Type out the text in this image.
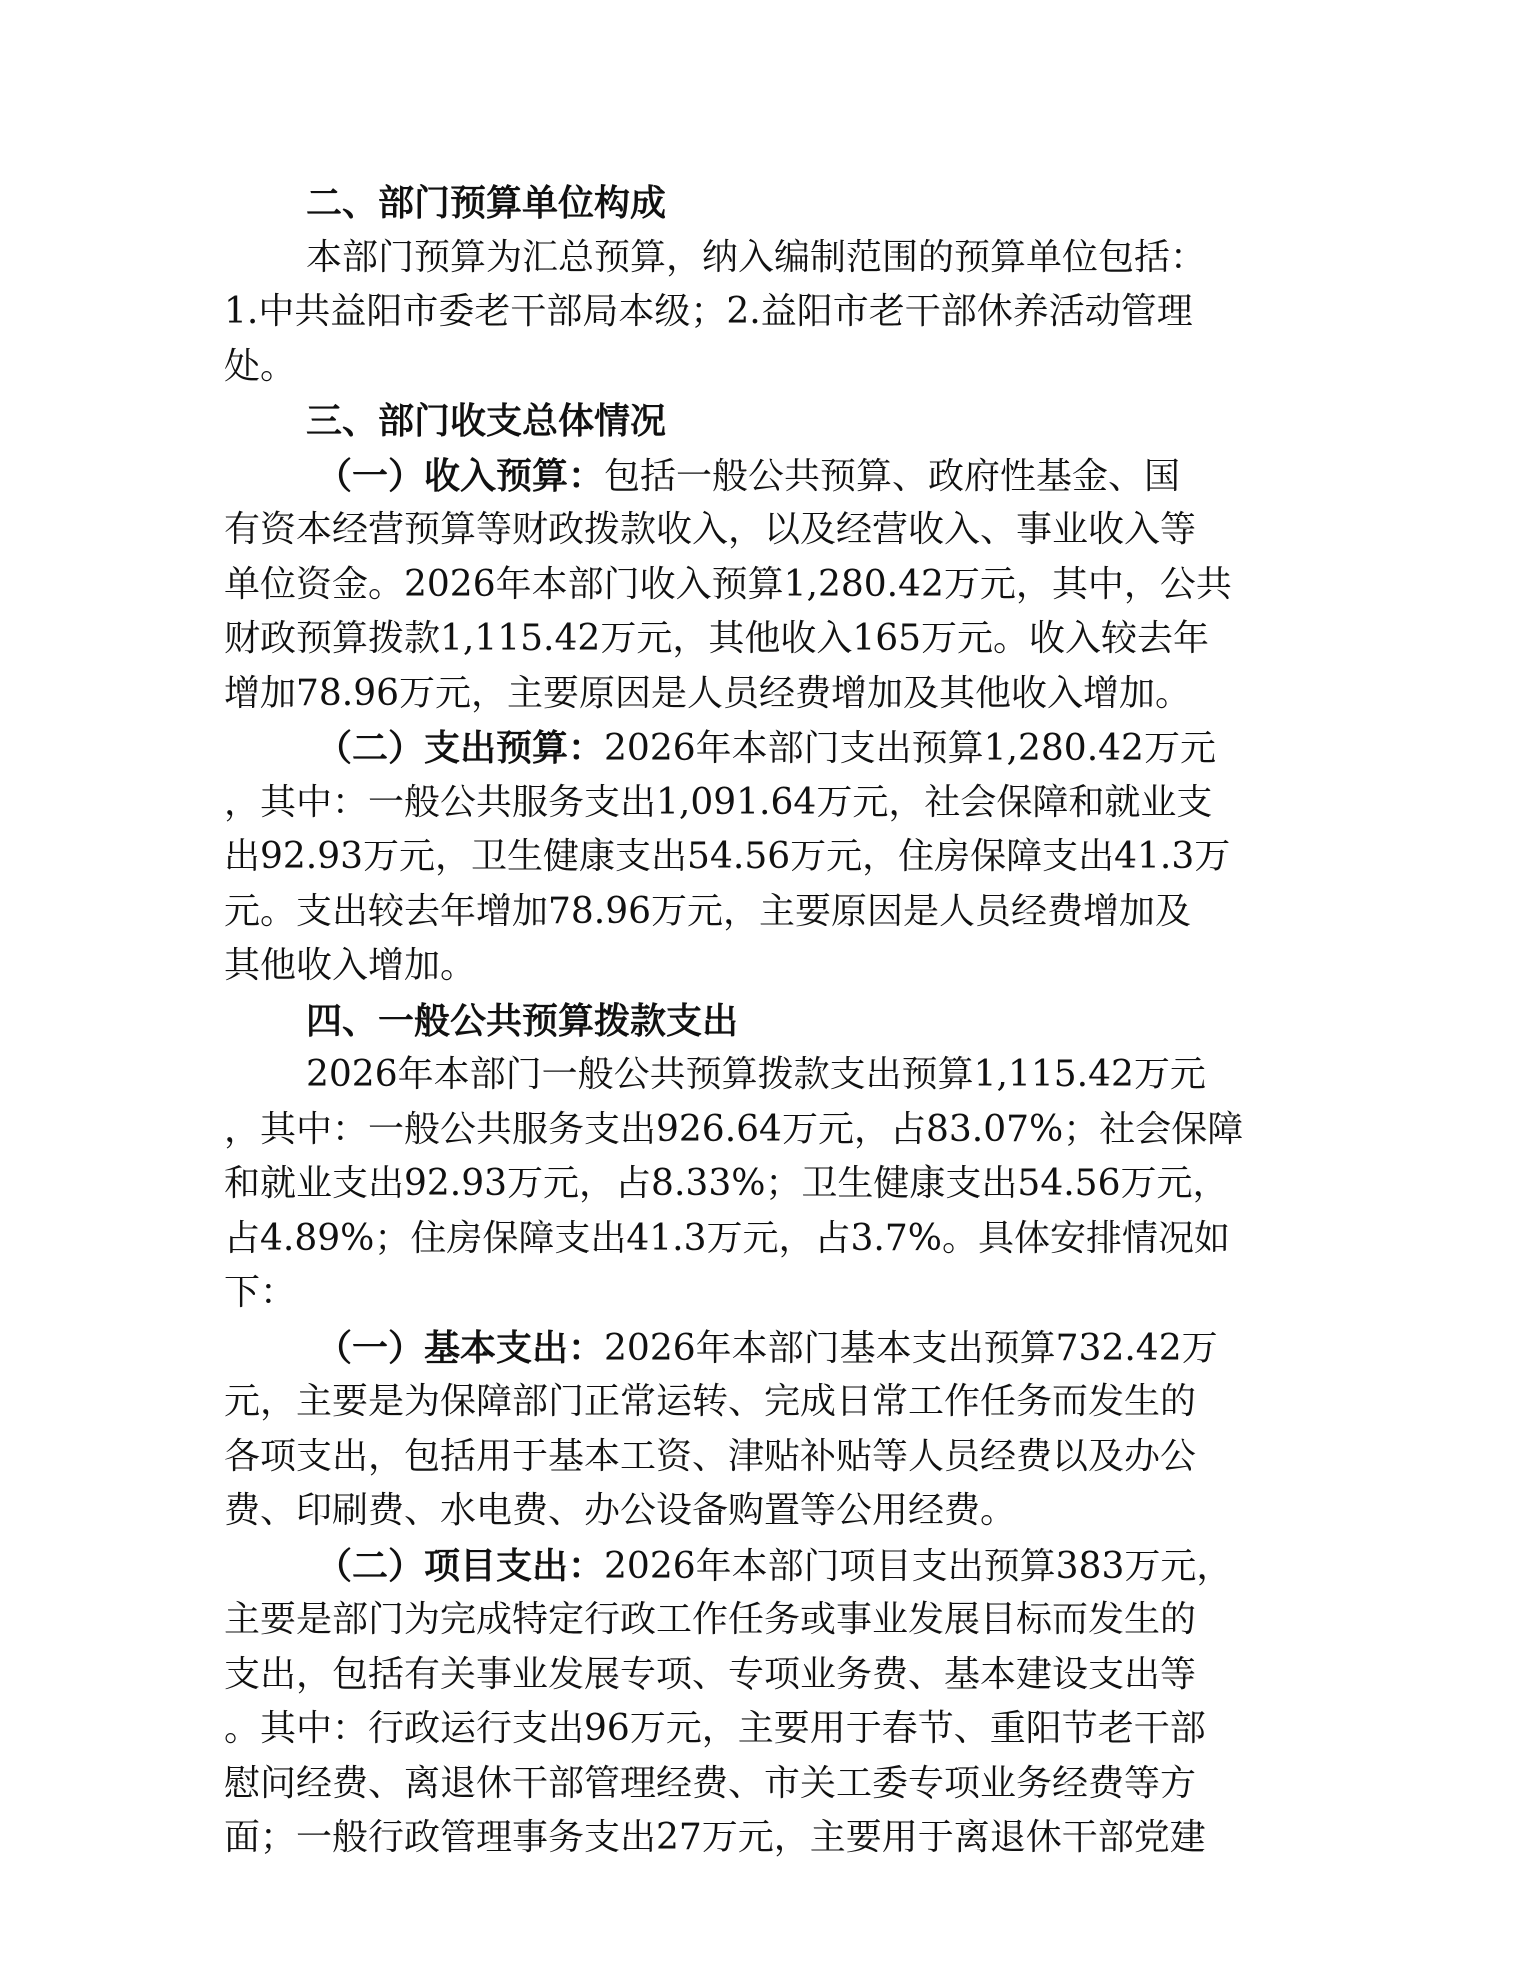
二、部门预算单位构成
本部门预算为汇总预算，纳入编制范围的预算单位包括：
1.中共益阳市委老干部局本级；2.益阳市老干部休养活动管理
处。
三、部门收支总体情况
（一）收入预算：包括一般公共预算、政府性基金、国
有资本经营预算等财政拨款收入，以及经营收入、事业收入等
单位资金。2026年本部门收入预算1,280.42万元，其中，公共
财政预算拨款1,115.42万元，其他收入165万元。收入较去年
增加78.96万元，主要原因是人员经费增加及其他收入增加。
（二）支出预算：2026年本部门支出预算1,280.42万元
，其中：一般公共服务支出1,091.64万元，社会保障和就业支
出92.93万元，卫生健康支出54.56万元，住房保障支出41.3万
元。支出较去年增加78.96万元，主要原因是人员经费增加及
其他收入增加。
四、一般公共预算拨款支出
2026年本部门一般公共预算拨款支出预算1,115.42万元
，其中：一般公共服务支出926.64万元，占83.07%；社会保障
和就业支出92.93万元，占8.33%；卫生健康支出54.56万元，
占4.89%；住房保障支出41.3万元，占3.7%。具体安排情况如
下：
（一）基本支出：2026年本部门基本支出预算732.42万
元，主要是为保障部门正常运转、完成日常工作任务而发生的
各项支出，包括用于基本工资、津贴补贴等人员经费以及办公
费、印刷费、水电费、办公设备购置等公用经费。
（二）项目支出：2026年本部门项目支出预算383万元，
主要是部门为完成特定行政工作任务或事业发展目标而发生的
支出，包括有关事业发展专项、专项业务费、基本建设支出等
。其中：行政运行支出96万元，主要用于春节、重阳节老干部
慰问经费、离退休干部管理经费、市关工委专项业务经费等方
面；一般行政管理事务支出27万元，主要用于离退休干部党建
